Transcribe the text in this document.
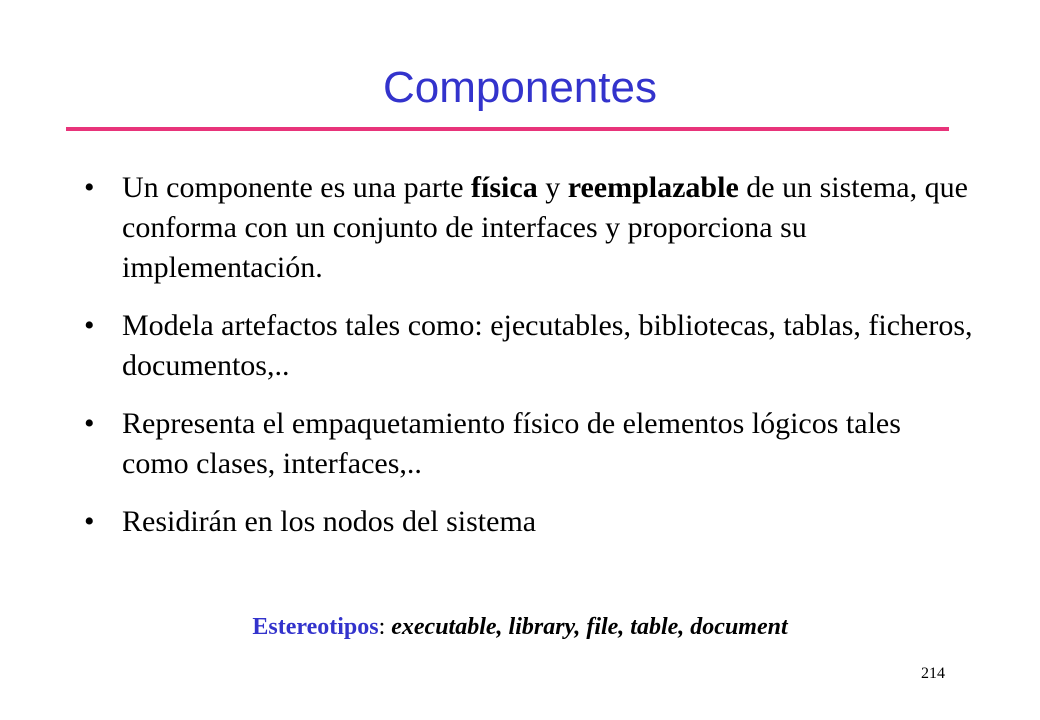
Componentes
• Un componente es una parte física y reemplazable de un sistema, que conforma con un conjunto de interfaces y proporciona su implementación.
• Modela artefactos tales como: ejecutables, bibliotecas, tablas, ficheros, documentos,..
• Representa el empaquetamiento físico de elementos lógicos tales como clases, interfaces,..
• Residirán en los nodos del sistema
Estereotipos: executable, library, file, table, document
214
